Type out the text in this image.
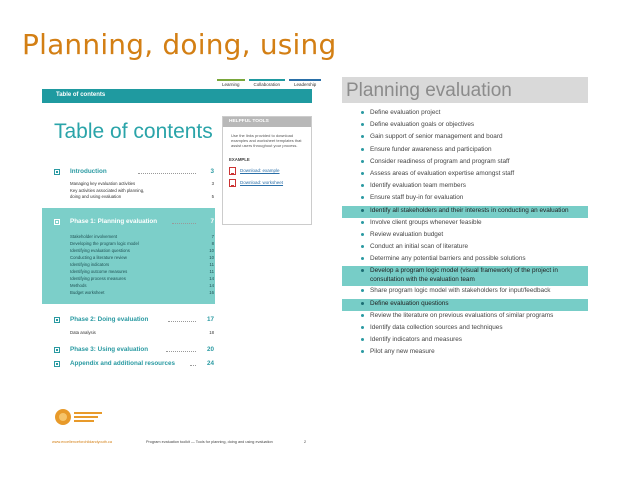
Planning, doing, using
Learning	Collaboration	Leadership
Table of contents
Table of contents
Introduction	3
Managing key evaluation activities	3
Key activities associated with planning,
doing and using evaluation	5
Phase 1: Planning evaluation	7
Stakeholder involvement	7
Developing the program logic model	8
Identifying evaluation questions	10
Conducting a literature review	10
Identifying indicators	11
Identifying outcome measures	11
Identifying process measures	14
Methods	14
Budget worksheet	16
Phase 2: Doing evaluation	17
Data analysis	18
Phase 3: Using evaluation	20
Appendix and additional resources	24
HELPFUL TOOLS
Use the links provided to download examples and worksheet templates that assist users throughout your process.
EXAMPLE
Download: example
Download: worksheet
www.excellenceforchildandyouth.ca	Program evaluation toolkit — Tools for planning, doing and using evaluation	2
Planning evaluation
Define evaluation project
Define evaluation goals or objectives
Gain support of senior management and board
Ensure funder awareness and participation
Consider readiness of program and program staff
Assess areas of evaluation expertise amongst staff
Identify evaluation team members
Ensure staff buy-in for evaluation
Identify all stakeholders and their interests in conducting an evaluation
Involve client groups whenever feasible
Review evaluation budget
Conduct an initial scan of literature
Determine any potential barriers and possible solutions
Develop a program logic model (visual framework) of the project in consultation with the evaluation team
Share program logic model with stakeholders for input/feedback
Define evaluation questions
Review the literature on previous evaluations of similar programs
Identify data collection sources and techniques
Identify indicators and measures
Pilot any new measure
